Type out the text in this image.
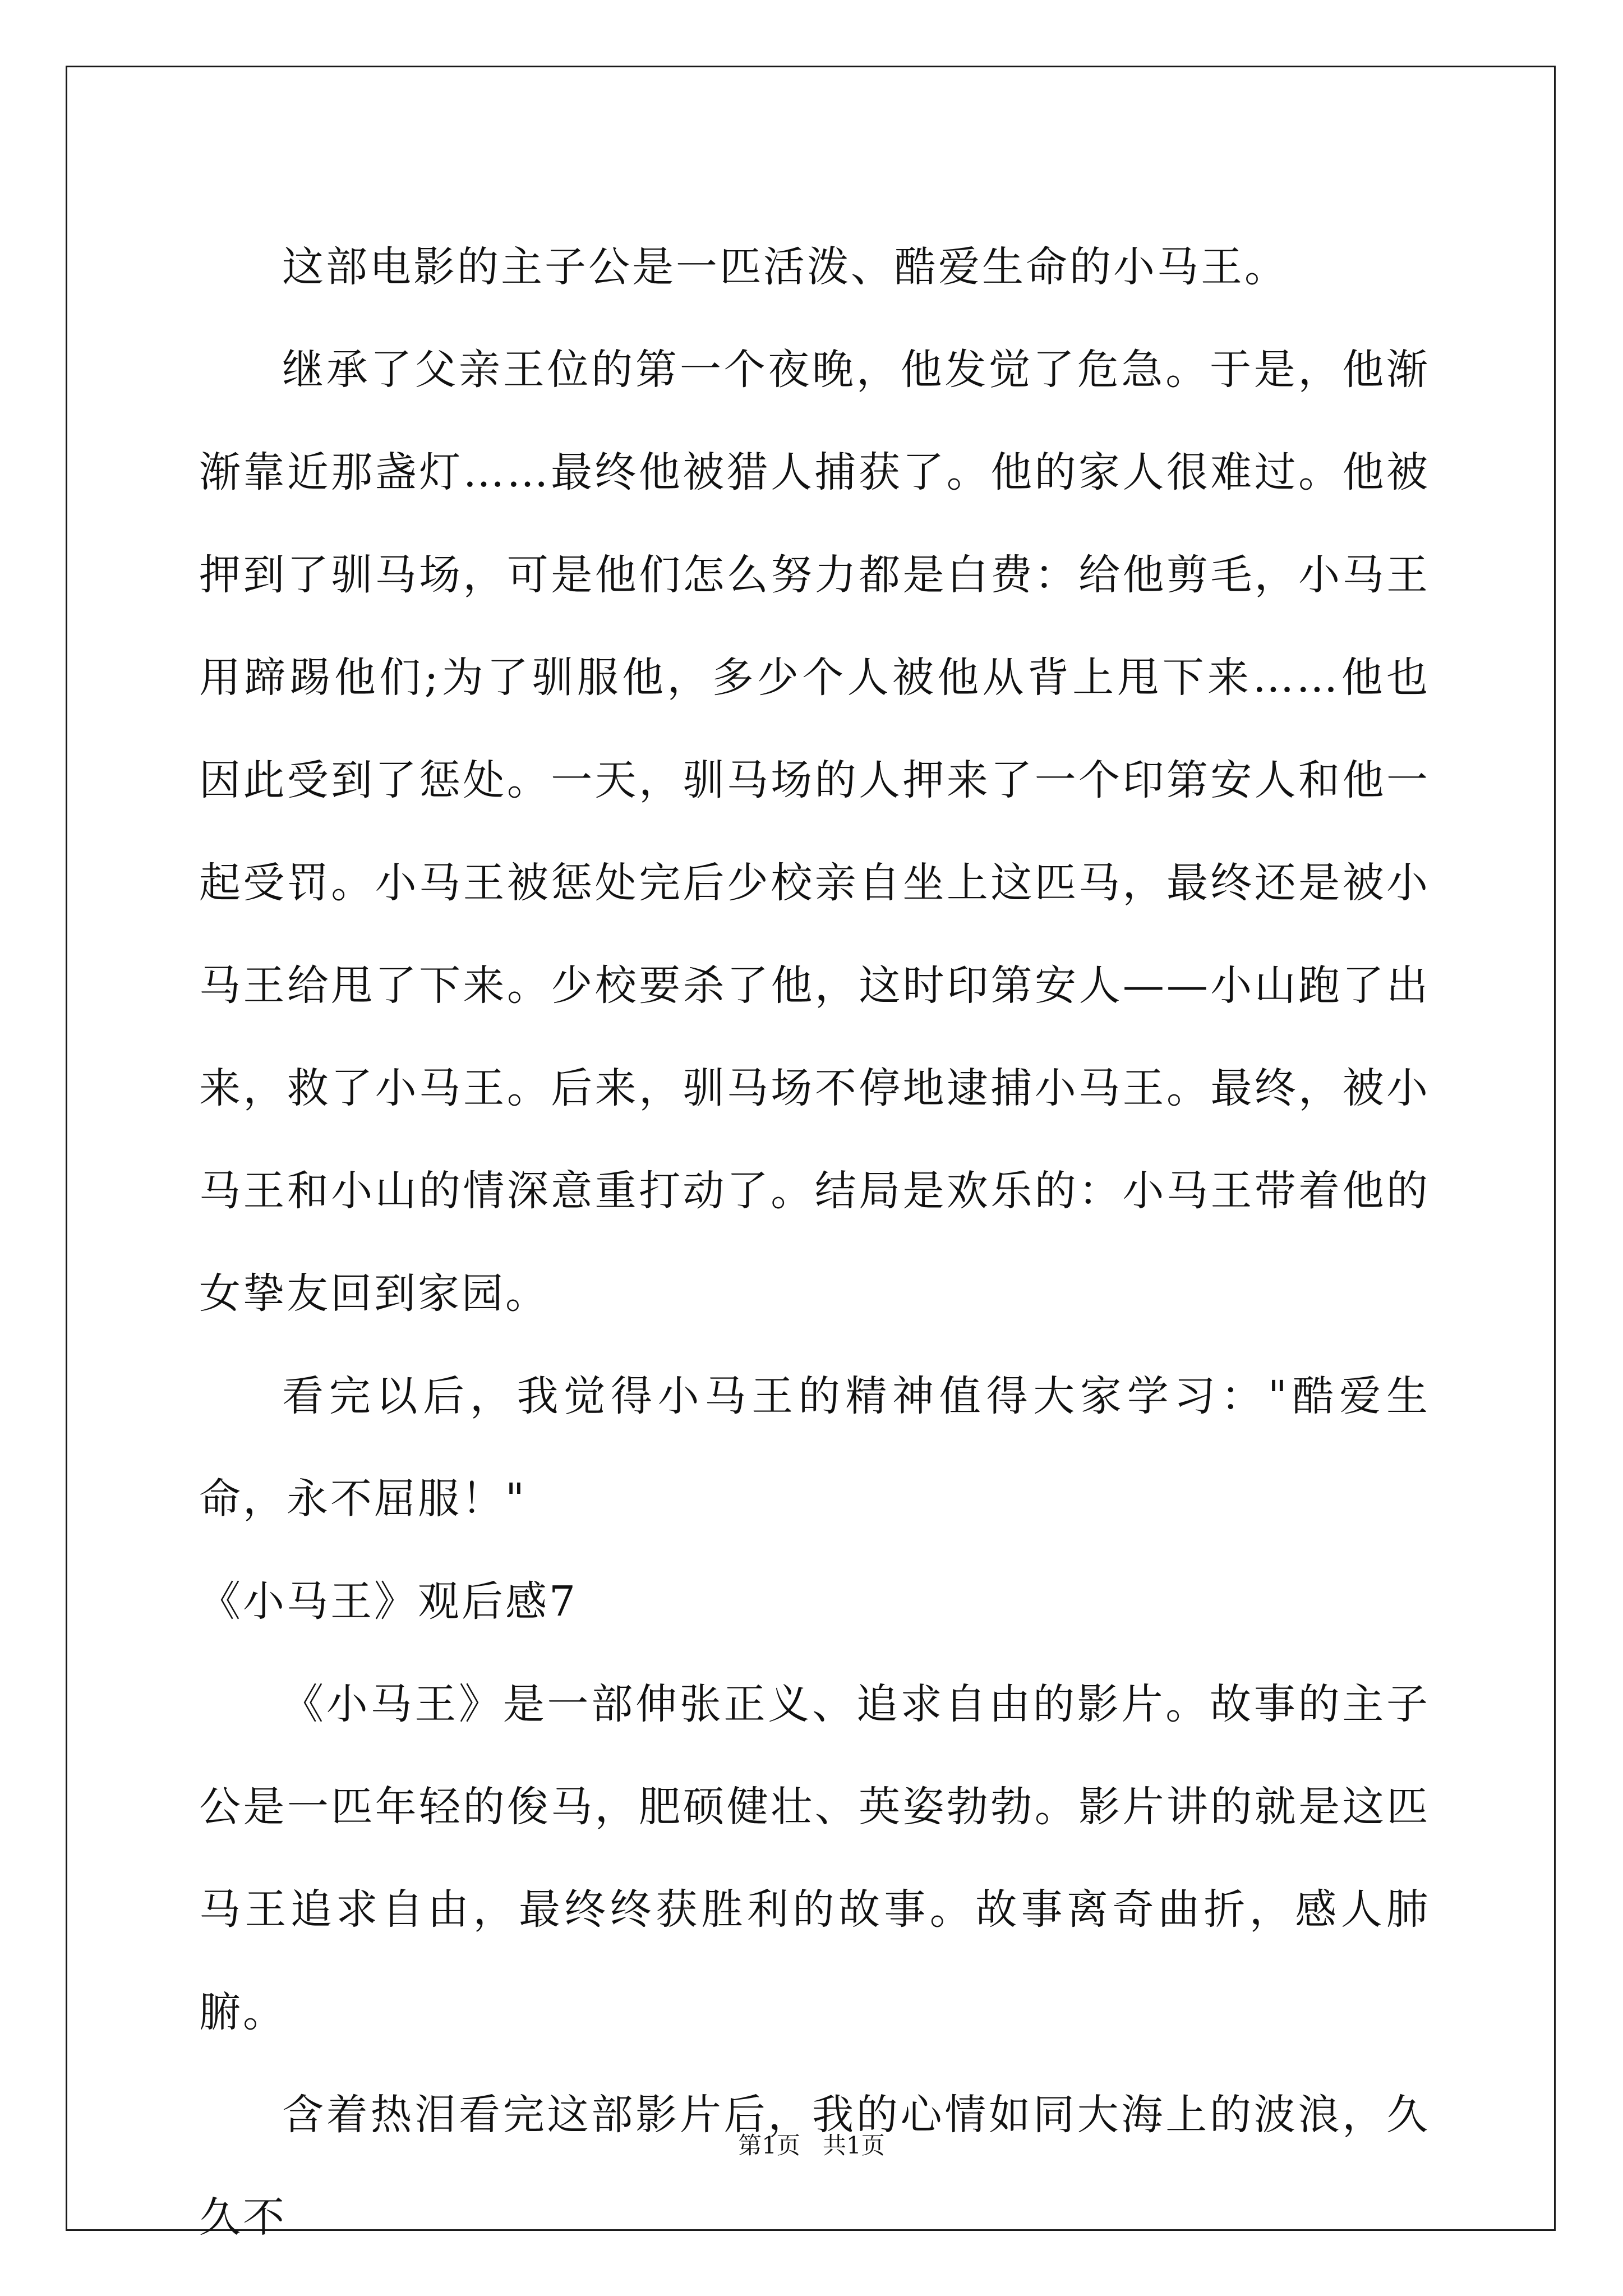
这部电影的主子公是一匹活泼、酷爱生命的小马王。

继承了父亲王位的第一个夜晚，他发觉了危急。于是，他渐渐靠近那盏灯……最终他被猎人捕获了。他的家人很难过。他被押到了驯马场，可是他们怎么努力都是白费：给他剪毛，小马王用蹄踢他们;为了驯服他，多少个人被他从背上甩下来……他也因此受到了惩处。一天，驯马场的人押来了一个印第安人和他一起受罚。小马王被惩处完后少校亲自坐上这匹马，最终还是被小马王给甩了下来。少校要杀了他，这时印第安人——小山跑了出来，救了小马王。后来，驯马场不停地逮捕小马王。最终，被小马王和小山的情深意重打动了。结局是欢乐的：小马王带着他的女挚友回到家园。

看完以后，我觉得小马王的精神值得大家学习："酷爱生命，永不屈服！"

《小马王》观后感7

《小马王》是一部伸张正义、追求自由的影片。故事的主子公是一匹年轻的俊马，肥硕健壮、英姿勃勃。影片讲的就是这匹马王追求自由，最终终获胜利的故事。故事离奇曲折，感人肺腑。

含着热泪看完这部影片后，我的心情如同大海上的波浪，久久不

第1页   共1页
